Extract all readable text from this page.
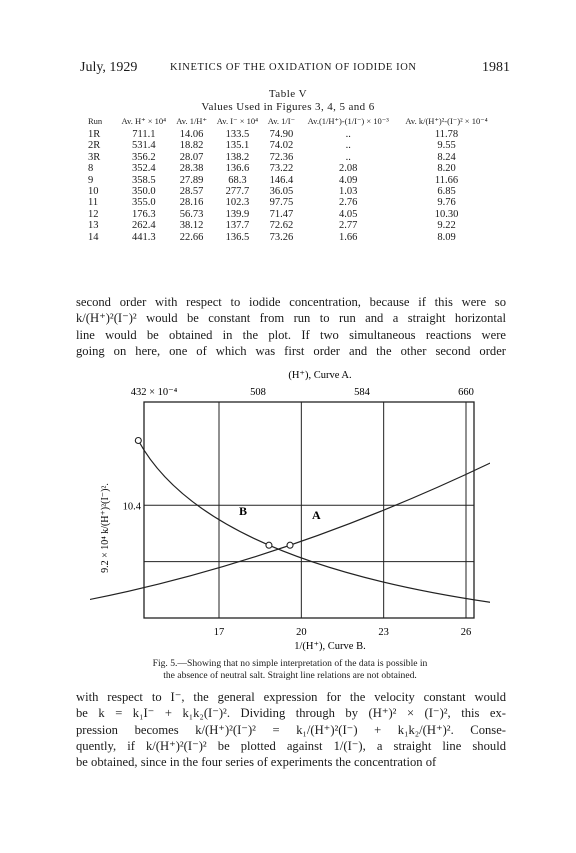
July, 1929	KINETICS OF THE OXIDATION OF IODIDE ION	1981
Table V
Values Used in Figures 3, 4, 5 and 6
Run	Av. H⁺ × 10⁴	Av. 1/H⁺	Av. I⁻ × 10⁴	Av. 1/I⁻	Av.(1/H⁺)-(1/I⁻) × 10⁻³	Av. k/(H⁺)²-(I⁻)² × 10⁻⁴
1R	711.1	14.06	133.5	74.90	..	11.78
2R	531.4	18.82	135.1	74.02	..	9.55
3R	356.2	28.07	138.2	72.36	..	8.24
8	352.4	28.38	136.6	73.22	2.08	8.20
9	358.5	27.89	68.3	146.4	4.09	11.66
10	350.0	28.57	277.7	36.05	1.03	6.85
11	355.0	28.16	102.3	97.75	2.76	9.76
12	176.3	56.73	139.9	71.47	4.05	10.30
13	262.4	38.12	137.7	72.62	2.77	9.22
14	441.3	22.66	136.5	73.26	1.66	8.09
second order with respect to iodide concentration, because if this were so
k/(H⁺)²(I⁻)² would be constant from run to run and a straight horizontal
line would be obtained in the plot. If two simultaneous reactions were
going on here, one of which was first order and the other second order
(H⁺), Curve A.
432 × 10⁻⁴	508	584	660
17	20	23	26
1/(H⁺), Curve B.
10.4
9.2 × 10⁴ k/(H⁺)²(I⁻)².	A
B
Fig. 5.—Showing that no simple interpretation of the data is possible in
the absence of neutral salt. Straight line relations are not obtained.
with respect to I⁻, the general expression for the velocity constant would
be k = k₁I⁻ + k₁k₂(I⁻)². Dividing through by (H⁺)² × (I⁻)², this ex-
pression becomes k/(H⁺)²(I⁻)² = k₁/(H⁺)²(I⁻) + k₁k₂/(H⁺)². Conse-
quently, if k/(H⁺)²(I⁻)² be plotted against 1/(I⁻), a straight line should
be obtained, since in the four series of experiments the concentration of
